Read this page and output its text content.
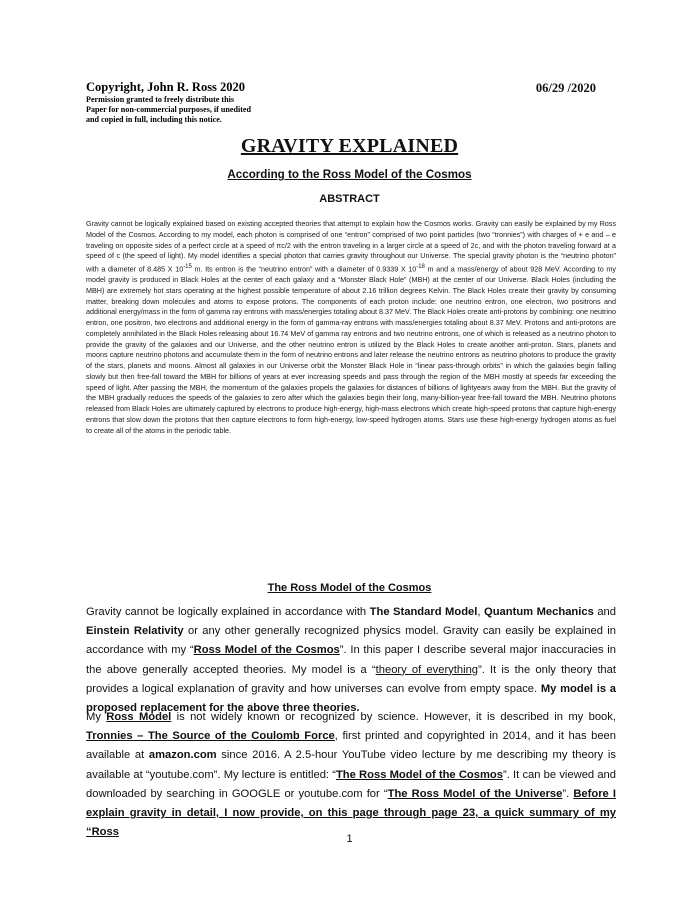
Copyright, John R. Ross 2020
Permission granted to freely distribute this
Paper for non-commercial purposes, if unedited
and copied in full, including this notice.
06/29 /2020
GRAVITY EXPLAINED
According to the Ross Model of the Cosmos
ABSTRACT
Gravity cannot be logically explained based on existing accepted theories that attempt to explain how the Cosmos works. Gravity can easily be explained by my Ross Model of the Cosmos. According to my model, each photon is comprised of one “entron” comprised of two point particles (two “tronnies”) with charges of + e and – e traveling on opposite sides of a perfect circle at a speed of πc/2 with the entron traveling in a larger circle at a speed of 2c, and with the photon traveling forward at a speed of c (the speed of light). My model identifies a special photon that carries gravity throughout our Universe. The special gravity photon is the “neutrino photon” with a diameter of 8.485 X $10^{-15}$ m. Its entron is the “neutrino entron” with a diameter of 0.9339 X $10^{-18}$ m and a mass/energy of about 928 MeV. According to my model gravity is produced in Black Holes at the center of each galaxy and a “Monster Black Hole” (MBH) at the center of our Universe. Black Holes (including the MBH) are extremely hot stars operating at the highest possible temperature of about 2.16 trillion degrees Kelvin. The Black Holes create their gravity by consuming matter, breaking down molecules and atoms to expose protons. The components of each proton include: one neutrino entron, one electron, two positrons and additional energy/mass in the form of gamma ray entrons with mass/energies totaling about 8.37 MeV. The Black Holes create anti-protons by combining: one neutrino entron, one positron, two electrons and additional energy in the form of gamma-ray entrons with mass/energies totaling about 8.37 MeV. Protons and anti-protons are completely annihilated in the Black Holes releasing about 16.74 MeV of gamma ray entrons and two neutrino entrons, one of which is released as a neutrino photon to provide the gravity of the galaxies and our Universe, and the other neutrino entron is utilized by the Black Holes to create another anti-proton. Stars, planets and moons capture neutrino photons and accumulate them in the form of neutrino entrons and later release the neutrino entrons as neutrino photons to produce the gravity of the stars, planets and moons. Almost all galaxies in our Universe orbit the Monster Black Hole in “linear pass-through orbits” in which the galaxies begin falling slowly but then free-fall toward the MBH for billions of years at ever increasing speeds and pass through the region of the MBH mostly at speeds far exceeding the speed of light. After passing the MBH, the momentum of the galaxies propels the galaxies for distances of billions of lightyears away from the MBH. But the gravity of the MBH gradually reduces the speeds of the galaxies to zero after which the galaxies begin their long, many-billion-year free-fall toward the MBH. Neutrino photons released from Black Holes are ultimately captured by electrons to produce high-energy, high-mass electrons which create high-speed protons that capture high-energy entrons that slow down the protons that then capture electrons to form high-energy, low-speed hydrogen atoms. Stars use these high-energy hydrogen atoms as fuel to create all of the atoms in the periodic table.
The Ross Model of the Cosmos
Gravity cannot be logically explained in accordance with The Standard Model, Quantum Mechanics and Einstein Relativity or any other generally recognized physics model. Gravity can easily be explained in accordance with my “Ross Model of the Cosmos”. In this paper I describe several major inaccuracies in the above generally accepted theories. My model is a “theory of everything”. It is the only theory that provides a logical explanation of gravity and how universes can evolve from empty space. My model is a proposed replacement for the above three theories.
My Ross Model is not widely known or recognized by science. However, it is described in my book, Tronnies – The Source of the Coulomb Force, first printed and copyrighted in 2014, and it has been available at amazon.com since 2016. A 2.5-hour YouTube video lecture by me describing my theory is available at “youtube.com”. My lecture is entitled: “The Ross Model of the Cosmos”. It can be viewed and downloaded by searching in GOOGLE or youtube.com for “The Ross Model of the Universe”. Before I explain gravity in detail, I now provide, on this page through page 23, a quick summary of my “Ross
1
